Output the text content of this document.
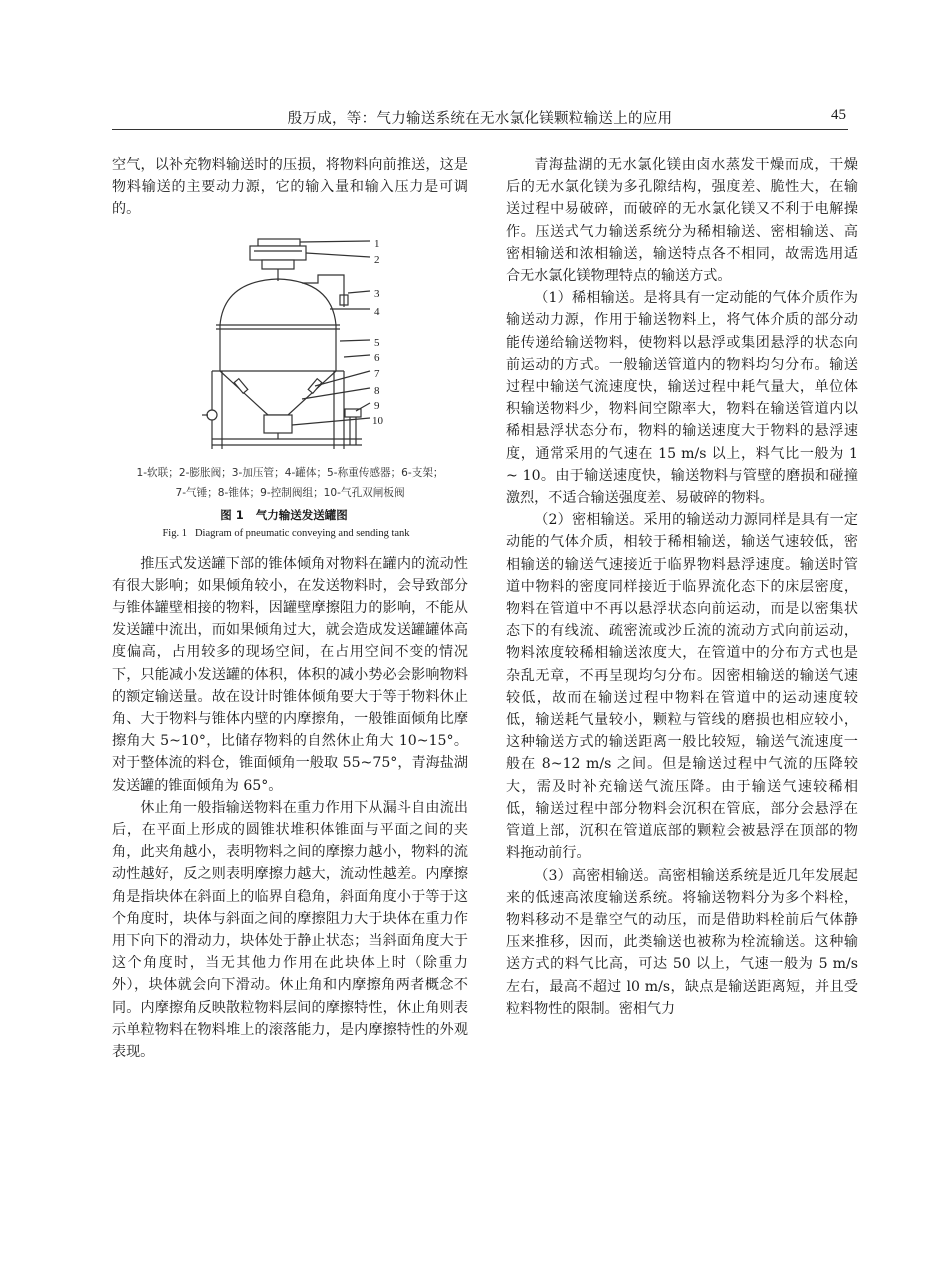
殷万成，等：气力输送系统在无水氯化镁颗粒输送上的应用	45

空气，以补充物料输送时的压损，将物料向前推送，这是物料输送的主要动力源，它的输入量和输入压力是可调的。

1
2
3
4
5
6
7
8
9
10
1-软联；2-膨胀阀；3-加压管；4-罐体；5-称重传感器；6-支架；
7-气锤；8-锥体；9-控制阀组；10-气孔双闸板阀
图 1 气力输送发送罐图
Fig. 1 Diagram of pneumatic conveying and sending tank

推压式发送罐下部的锥体倾角对物料在罐内的流动性有很大影响；如果倾角较小，在发送物料时，会导致部分与锥体罐壁相接的物料，因罐壁摩擦阻力的影响，不能从发送罐中流出，而如果倾角过大，就会造成发送罐罐体高度偏高，占用较多的现场空间，在占用空间不变的情况下，只能减小发送罐的体积，体积的减小势必会影响物料的额定输送量。故在设计时锥体倾角要大于等于物料休止角、大于物料与锥体内壁的内摩擦角，一般锥面倾角比摩擦角大 5~10°，比储存物料的自然休止角大 10~15°。对于整体流的料仓，锥面倾角一般取 55~75°，青海盐湖发送罐的锥面倾角为 65°。

休止角一般指输送物料在重力作用下从漏斗自由流出后，在平面上形成的圆锥状堆积体锥面与平面之间的夹角，此夹角越小，表明物料之间的摩擦力越小，物料的流动性越好，反之则表明摩擦力越大，流动性越差。内摩擦角是指块体在斜面上的临界自稳角，斜面角度小于等于这个角度时，块体与斜面之间的摩擦阻力大于块体在重力作用下向下的滑动力，块体处于静止状态；当斜面角度大于这个角度时，当无其他力作用在此块体上时（除重力外），块体就会向下滑动。休止角和内摩擦角两者概念不同。内摩擦角反映散粒物料层间的摩擦特性，休止角则表示单粒物料在物料堆上的滚落能力，是内摩擦特性的外观表现。

青海盐湖的无水氯化镁由卤水蒸发干燥而成，干燥后的无水氯化镁为多孔隙结构，强度差、脆性大，在输送过程中易破碎，而破碎的无水氯化镁又不利于电解操作。压送式气力输送系统分为稀相输送、密相输送、高密相输送和浓相输送，输送特点各不相同，故需选用适合无水氯化镁物理特点的输送方式。

（1）稀相输送。是将具有一定动能的气体介质作为输送动力源，作用于输送物料上，将气体介质的部分动能传递给输送物料，使物料以悬浮或集团悬浮的状态向前运动的方式。一般输送管道内的物料均匀分布。输送过程中输送气流速度快，输送过程中耗气量大，单位体积输送物料少，物料间空隙率大，物料在输送管道内以稀相悬浮状态分布，物料的输送速度大于物料的悬浮速度，通常采用的气速在 15 m/s 以上，料气比一般为 1 ~ 10。由于输送速度快，输送物料与管壁的磨损和碰撞激烈，不适合输送强度差、易破碎的物料。

（2）密相输送。采用的输送动力源同样是具有一定动能的气体介质，相较于稀相输送，输送气速较低，密相输送的输送气速接近于临界物料悬浮速度。输送时管道中物料的密度同样接近于临界流化态下的床层密度，物料在管道中不再以悬浮状态向前运动，而是以密集状态下的有线流、疏密流或沙丘流的流动方式向前运动，物料浓度较稀相输送浓度大，在管道中的分布方式也是杂乱无章，不再呈现均匀分布。因密相输送的输送气速较低，故而在输送过程中物料在管道中的运动速度较低，输送耗气量较小，颗粒与管线的磨损也相应较小，这种输送方式的输送距离一般比较短，输送气流速度一般在 8~12 m/s 之间。但是输送过程中气流的压降较大，需及时补充输送气流压降。由于输送气速较稀相低，输送过程中部分物料会沉积在管底，部分会悬浮在管道上部，沉积在管道底部的颗粒会被悬浮在顶部的物料拖动前行。

（3）高密相输送。高密相输送系统是近几年发展起来的低速高浓度输送系统。将输送物料分为多个料栓，物料移动不是靠空气的动压，而是借助料栓前后气体静压来推移，因而，此类输送也被称为栓流输送。这种输送方式的料气比高，可达 50 以上，气速一般为 5 m/s 左右，最高不超过 l0 m/s，缺点是输送距离短，并且受粒料物性的限制。密相气力
